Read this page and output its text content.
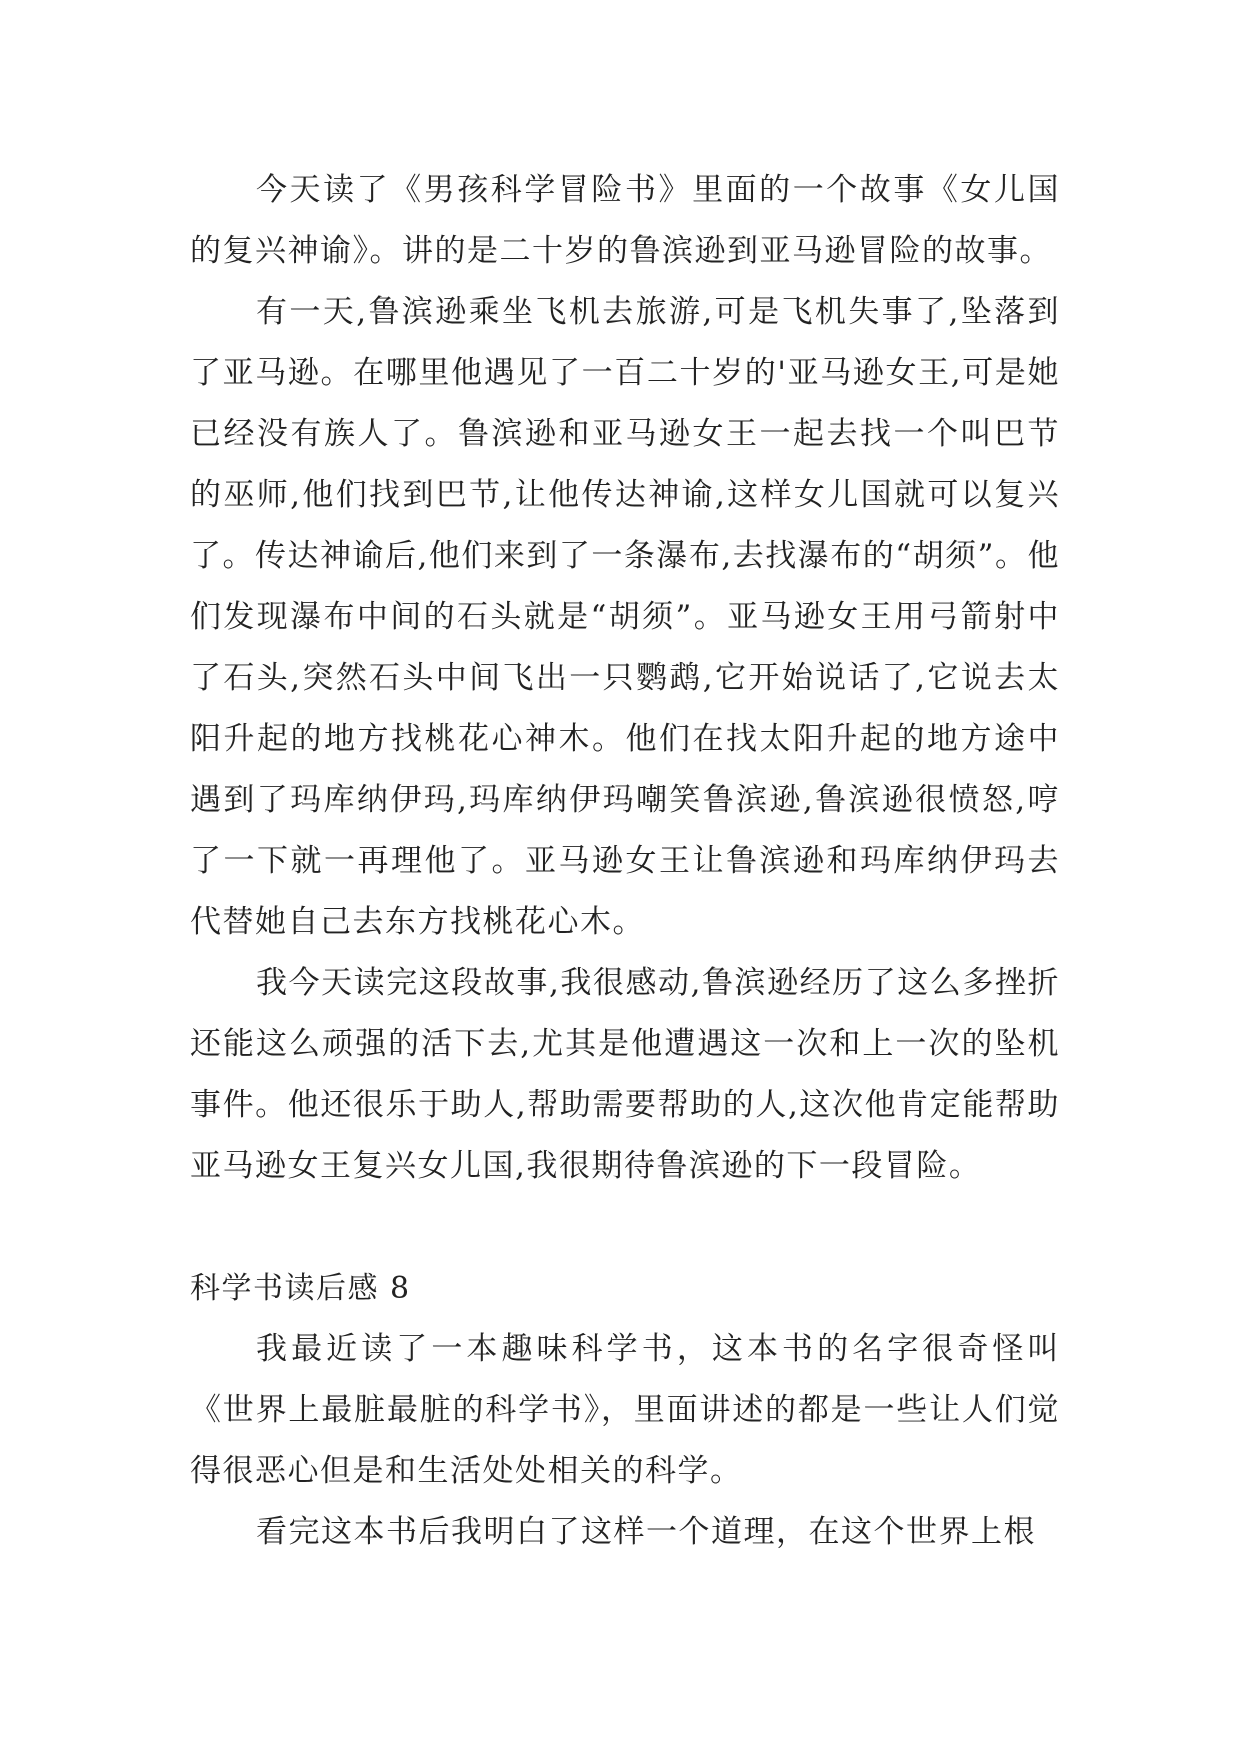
今天读了《男孩科学冒险书》里面的一个故事《女儿国的复兴神谕》。讲的是二十岁的鲁滨逊到亚马逊冒险的故事。

有一天,鲁滨逊乘坐飞机去旅游,可是飞机失事了,坠落到了亚马逊。在哪里他遇见了一百二十岁的'亚马逊女王,可是她已经没有族人了。鲁滨逊和亚马逊女王一起去找一个叫巴节的巫师,他们找到巴节,让他传达神谕,这样女儿国就可以复兴了。传达神谕后,他们来到了一条瀑布,去找瀑布的“胡须”。他们发现瀑布中间的石头就是“胡须”。亚马逊女王用弓箭射中了石头,突然石头中间飞出一只鹦鹉,它开始说话了,它说去太阳升起的地方找桃花心神木。他们在找太阳升起的地方途中遇到了玛库纳伊玛,玛库纳伊玛嘲笑鲁滨逊,鲁滨逊很愤怒,哼了一下就一再理他了。亚马逊女王让鲁滨逊和玛库纳伊玛去代替她自己去东方找桃花心木。

我今天读完这段故事,我很感动,鲁滨逊经历了这么多挫折还能这么顽强的活下去,尤其是他遭遇这一次和上一次的坠机事件。他还很乐于助人,帮助需要帮助的人,这次他肯定能帮助亚马逊女王复兴女儿国,我很期待鲁滨逊的下一段冒险。

科学书读后感 8

我最近读了一本趣味科学书，这本书的名字很奇怪叫《世界上最脏最脏的科学书》，里面讲述的都是一些让人们觉得很恶心但是和生活处处相关的科学。

看完这本书后我明白了这样一个道理，在这个世界上根
